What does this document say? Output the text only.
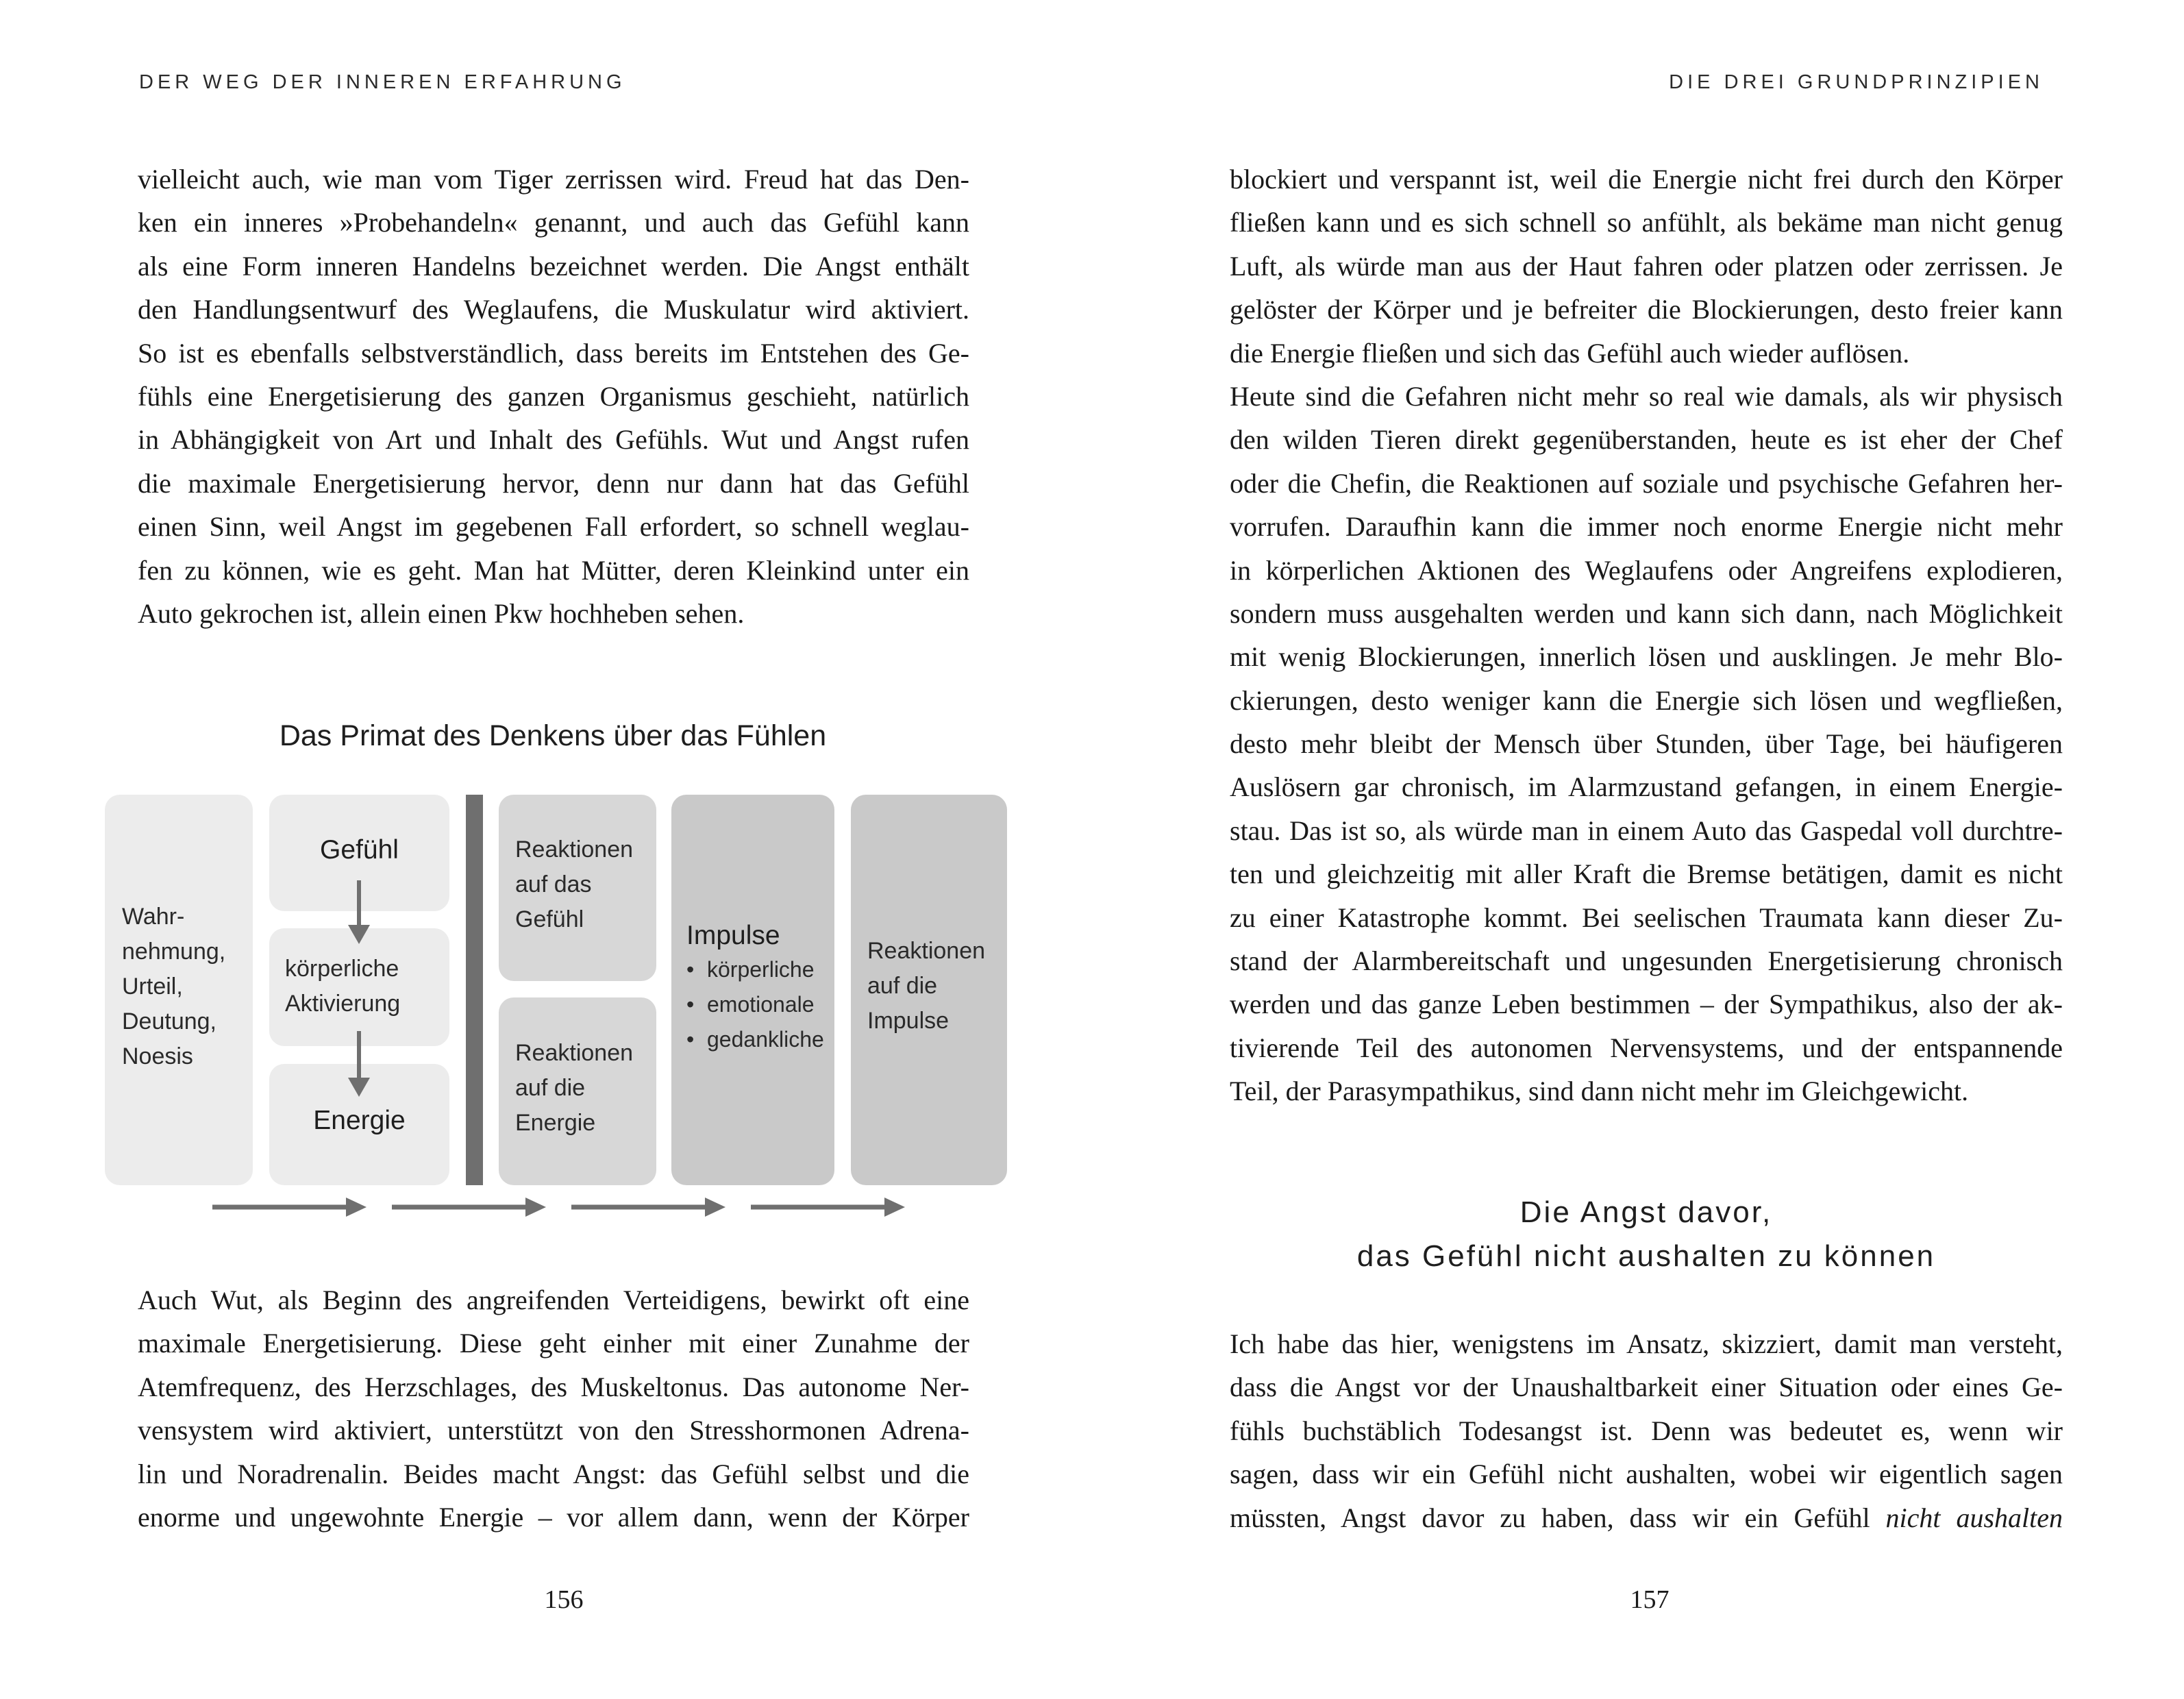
DER WEG DER INNEREN ERFAHRUNG
vielleicht auch, wie man vom Tiger zerrissen wird. Freud hat das Den-
ken ein inneres »Probehandeln« genannt, und auch das Gefühl kann
als eine Form inneren Handelns bezeichnet werden. Die Angst enthält
den Handlungsentwurf des Weglaufens, die Muskulatur wird aktiviert.
So ist es ebenfalls selbstverständlich, dass bereits im Entstehen des Ge-
fühls eine Energetisierung des ganzen Organismus geschieht, natürlich
in Abhängigkeit von Art und Inhalt des Gefühls. Wut und Angst rufen
die maximale Energetisierung hervor, denn nur dann hat das Gefühl
einen Sinn, weil Angst im gegebenen Fall erfordert, so schnell weglau-
fen zu können, wie es geht. Man hat Mütter, deren Kleinkind unter ein
Auto gekrochen ist, allein einen Pkw hochheben sehen.
Das Primat des Denkens über das Fühlen
Wahr-
nehmung,
Urteil,
Deutung,
Noesis
Gefühl
körperliche
Aktivierung
Energie
Reaktionen
auf das
Gefühl
Reaktionen
auf die
Energie
Impulse
• körperliche
• emotionale
• gedankliche
Reaktionen
auf die
Impulse
Auch Wut, als Beginn des angreifenden Verteidigens, bewirkt oft eine
maximale Energetisierung. Diese geht einher mit einer Zunahme der
Atemfrequenz, des Herzschlages, des Muskeltonus. Das autonome Ner-
vensystem wird aktiviert, unterstützt von den Stresshormonen Adrena-
lin und Noradrenalin. Beides macht Angst: das Gefühl selbst und die
enorme und ungewohnte Energie – vor allem dann, wenn der Körper
156
DIE DREI GRUNDPRINZIPIEN
blockiert und verspannt ist, weil die Energie nicht frei durch den Körper
fließen kann und es sich schnell so anfühlt, als bekäme man nicht genug
Luft, als würde man aus der Haut fahren oder platzen oder zerrissen. Je
gelöster der Körper und je befreiter die Blockierungen, desto freier kann
die Energie fließen und sich das Gefühl auch wieder auflösen.
Heute sind die Gefahren nicht mehr so real wie damals, als wir physisch
den wilden Tieren direkt gegenüberstanden, heute es ist eher der Chef
oder die Chefin, die Reaktionen auf soziale und psychische Gefahren her-
vorrufen. Daraufhin kann die immer noch enorme Energie nicht mehr
in körperlichen Aktionen des Weglaufens oder Angreifens explodieren,
sondern muss ausgehalten werden und kann sich dann, nach Möglichkeit
mit wenig Blockierungen, innerlich lösen und ausklingen. Je mehr Blo-
ckierungen, desto weniger kann die Energie sich lösen und wegfließen,
desto mehr bleibt der Mensch über Stunden, über Tage, bei häufigeren
Auslösern gar chronisch, im Alarmzustand gefangen, in einem Energie-
stau. Das ist so, als würde man in einem Auto das Gaspedal voll durchtre-
ten und gleichzeitig mit aller Kraft die Bremse betätigen, damit es nicht
zu einer Katastrophe kommt. Bei seelischen Traumata kann dieser Zu-
stand der Alarmbereitschaft und ungesunden Energetisierung chronisch
werden und das ganze Leben bestimmen – der Sympathikus, also der ak-
tivierende Teil des autonomen Nervensystems, und der entspannende
Teil, der Parasympathikus, sind dann nicht mehr im Gleichgewicht.
Die Angst davor,
das Gefühl nicht aushalten zu können
Ich habe das hier, wenigstens im Ansatz, skizziert, damit man versteht,
dass die Angst vor der Unaushaltbarkeit einer Situation oder eines Ge-
fühls buchstäblich Todesangst ist. Denn was bedeutet es, wenn wir
sagen, dass wir ein Gefühl nicht aushalten, wobei wir eigentlich sagen
müssten, Angst davor zu haben, dass wir ein Gefühl nicht aushalten
157
